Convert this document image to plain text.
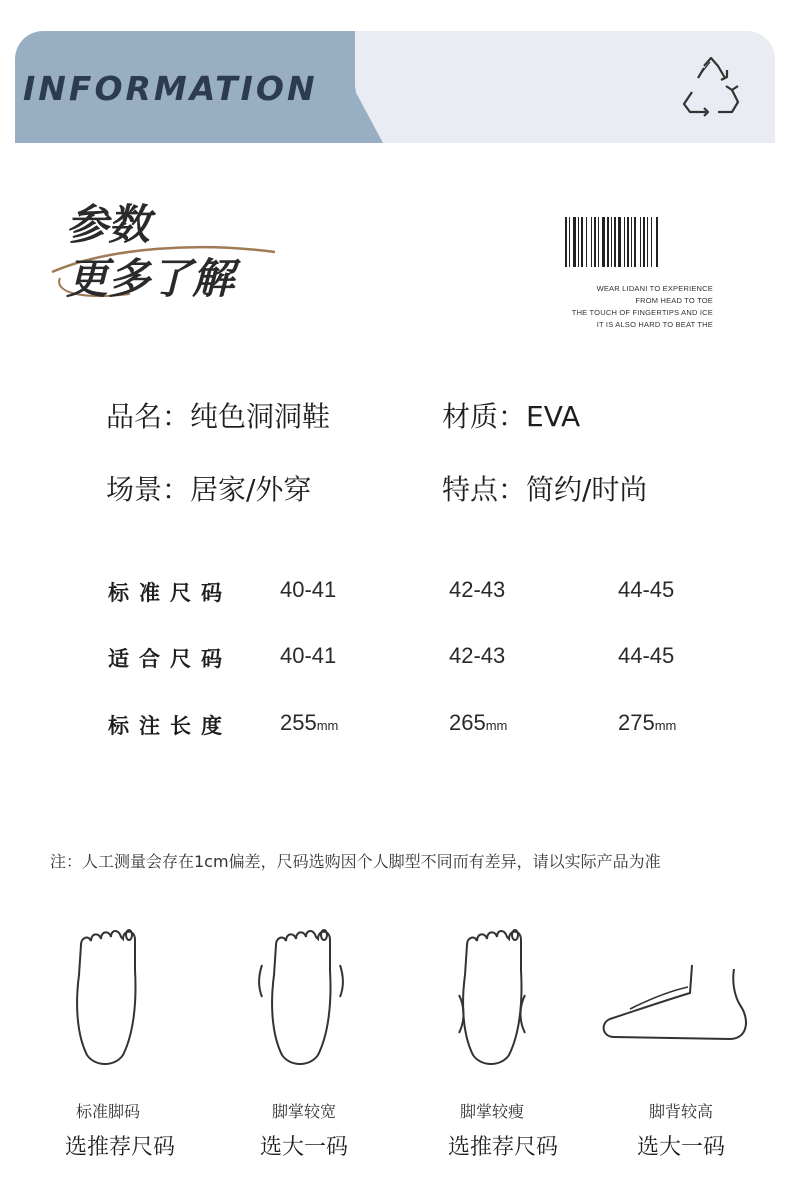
INFORMATION
参数
更多了解	WEAR LIDANI TO EXPERIENCE
FROM HEAD TO TOE
THE TOUCH OF FINGERTIPS AND ICE
IT IS ALSO HARD TO BEAT THE
品名：纯色洞洞鞋	材质：EVA
场景：居家/外穿	特点：简约/时尚
标准尺码 40-41	42-43	44-45
适合尺码 40-41	42-43	44-45
标注长度 255mm	265mm	275mm
注：人工测量会存在1cm偏差，尺码选购因个人脚型不同而有差异，请以实际产品为准
标准脚码
选推荐尺码
脚掌较宽
选大一码
脚掌较瘦
选推荐尺码
脚背较高
选大一码
